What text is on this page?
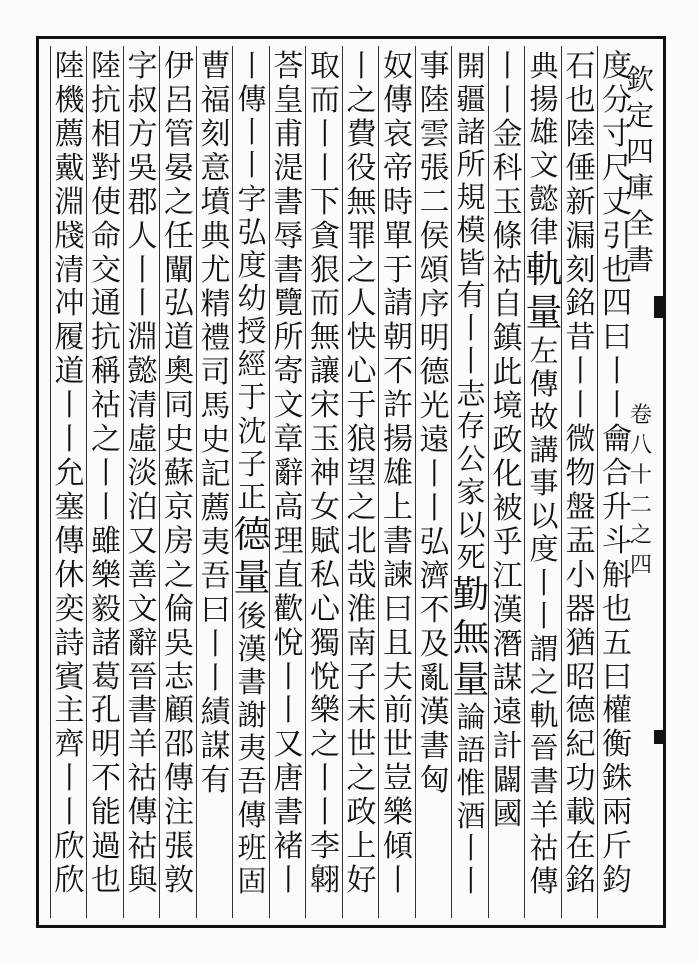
欽
定
四
庫
全
書
卷
八
十
二
之
四
度
分
寸
尺
丈
引
也
四
曰
丨
丨
龠
合
升
斗
斛
也
五
曰
權
衡
銖
兩
斤
鈞
石
也
陸
倕
新
漏
刻
銘
昔
丨
丨
微
物
盤
盂
小
器
猶
昭
德
紀
功
載
在
銘
典
揚
雄
文
懿
律
軌
量
左
傳
故
講
事
以
度
丨
丨
謂
之
軌
晉
書
羊
祜
傳
丨
丨
金
科
玉
條
祜
自
鎮
此
境
政
化
被
乎
江
漢
潛
謀
遠
計
闢
國
開
疆
諸
所
規
模
皆
有
丨
丨
志
存
公
家
以
死
勤
無
量
論
語
惟
酒
丨
丨
事
陸
雲
張
二
侯
頌
序
明
德
光
遠
丨
丨
弘
濟
不
及
亂
漢
書
匈
奴
傳
哀
帝
時
單
于
請
朝
不
許
揚
雄
上
書
諫
曰
且
夫
前
世
豈
樂
傾
丨
丨
之
費
役
無
罪
之
人
快
心
于
狼
望
之
北
哉
淮
南
子
末
世
之
政
上
好
取
而
丨
丨
下
貪
狠
而
無
讓
宋
玉
神
女
賦
私
心
獨
悅
樂
之
丨
丨
李
翺
荅
皇
甫
湜
書
辱
書
覽
所
寄
文
章
辭
高
理
直
歡
悅
丨
丨
又
唐
書
褚
丨
丨
傳
丨
丨
字
弘
度
幼
授
經
于
沈
子
正
德
量
後
漢
書
謝
夷
吾
傳
班
固
曹
福
刻
意
墳
典
尤
精
禮
司
馬
史
記
薦
夷
吾
曰
丨
丨
績
謀
有
伊
呂
管
晏
之
任
闡
弘
道
奧
同
史
蘇
京
房
之
倫
吳
志
顧
邵
傳
注
張
敦
字
叔
方
吳
郡
人
丨
丨
淵
懿
清
虛
淡
泊
又
善
文
辭
晉
書
羊
祜
傳
祜
與
陸
抗
相
對
使
命
交
通
抗
稱
祜
之
丨
丨
雖
樂
毅
諸
葛
孔
明
不
能
過
也
陸
機
薦
戴
淵
牋
清
冲
履
道
丨
丨
允
塞
傳
休
奕
詩
賓
主
齊
丨
丨
欣
欣
